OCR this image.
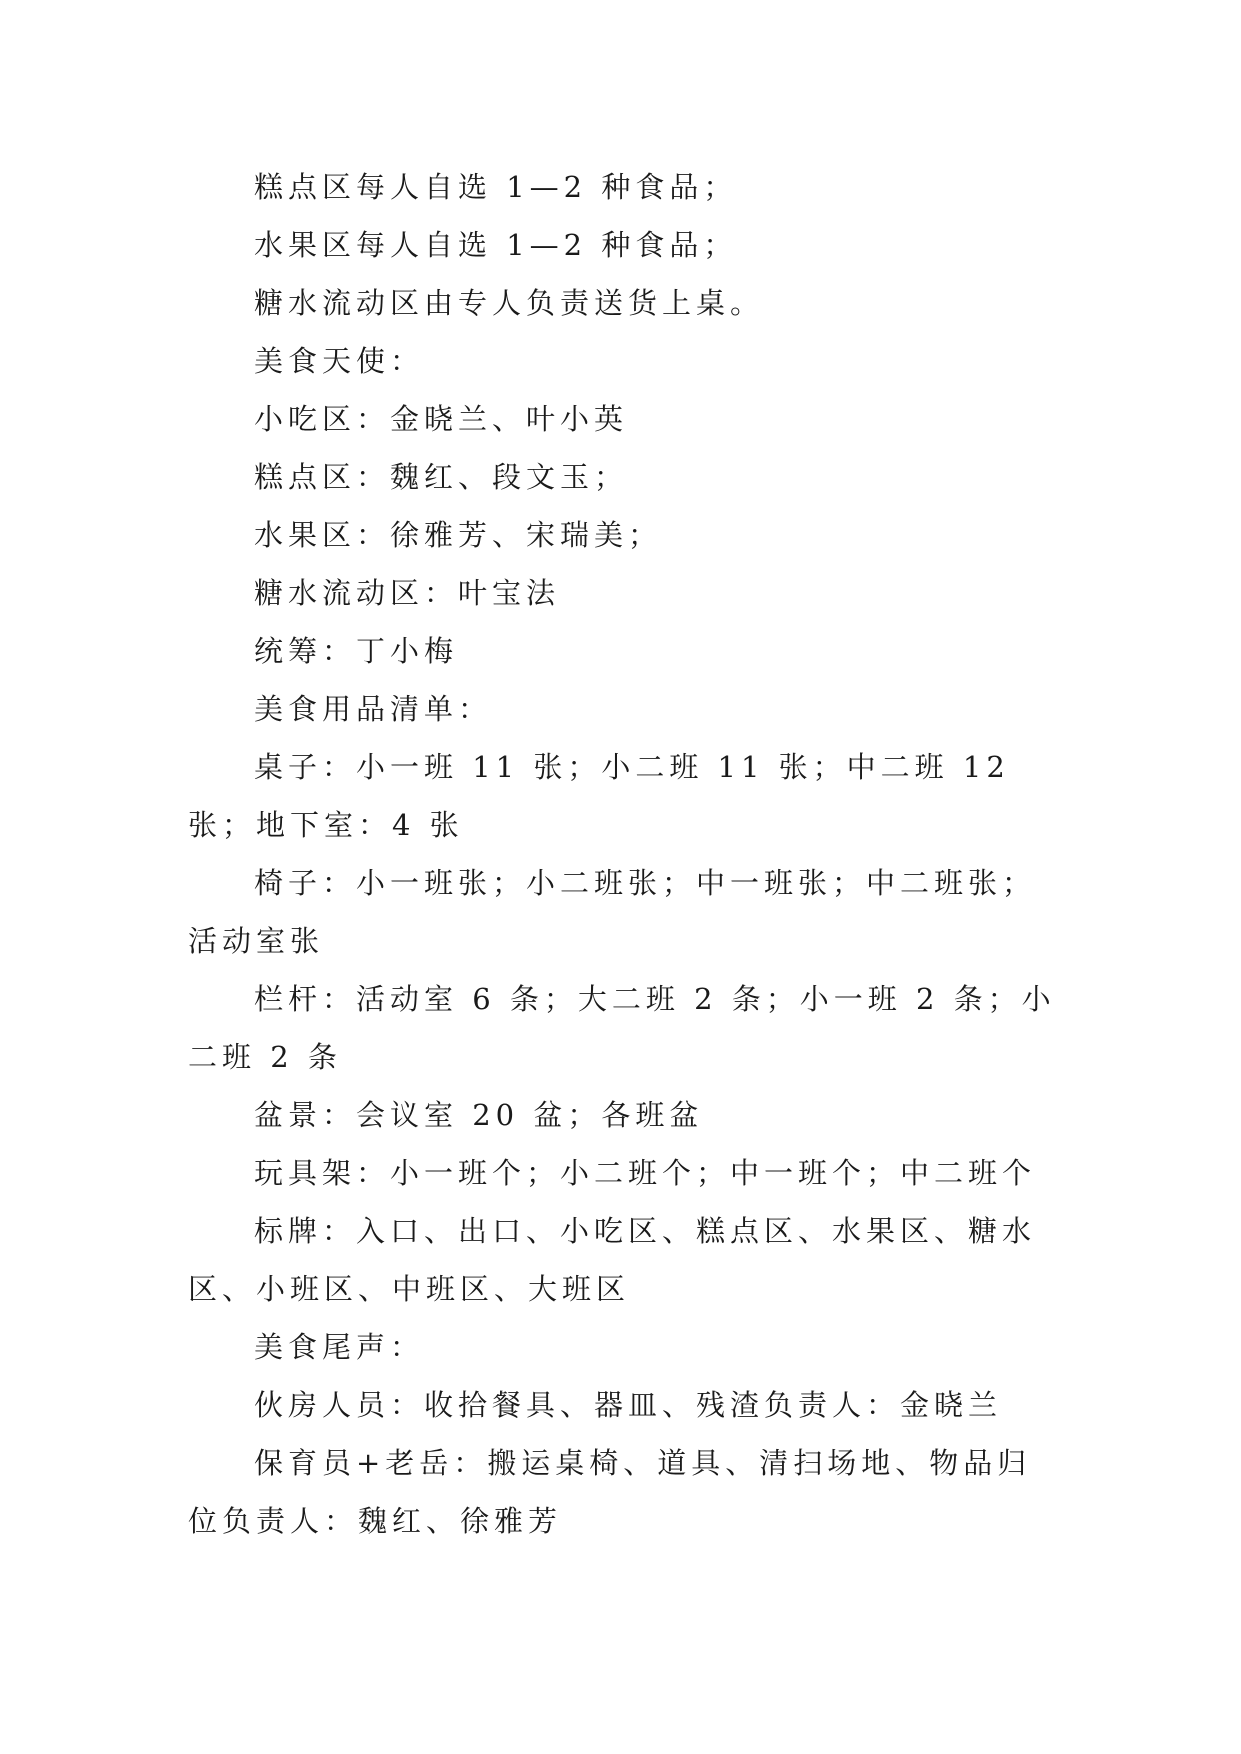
糕点区每人自选 1—2 种食品；

水果区每人自选 1—2 种食品；

糖水流动区由专人负责送货上桌。

美食天使：

小吃区：金晓兰、叶小英

糕点区：魏红、段文玉；

水果区：徐雅芳、宋瑞美；

糖水流动区：叶宝法

统筹：丁小梅

美食用品清单：

桌子：小一班 11 张；小二班 11 张；中二班 12 张；地下室：4 张

椅子：小一班张；小二班张；中一班张；中二班张；活动室张

栏杆：活动室 6 条；大二班 2 条；小一班 2 条；小二班 2 条

盆景：会议室 20 盆；各班盆

玩具架：小一班个；小二班个；中一班个；中二班个

标牌：入口、出口、小吃区、糕点区、水果区、糖水区、小班区、中班区、大班区

美食尾声：

伙房人员：收拾餐具、器皿、残渣负责人：金晓兰

保育员+老岳：搬运桌椅、道具、清扫场地、物品归位负责人：魏红、徐雅芳
